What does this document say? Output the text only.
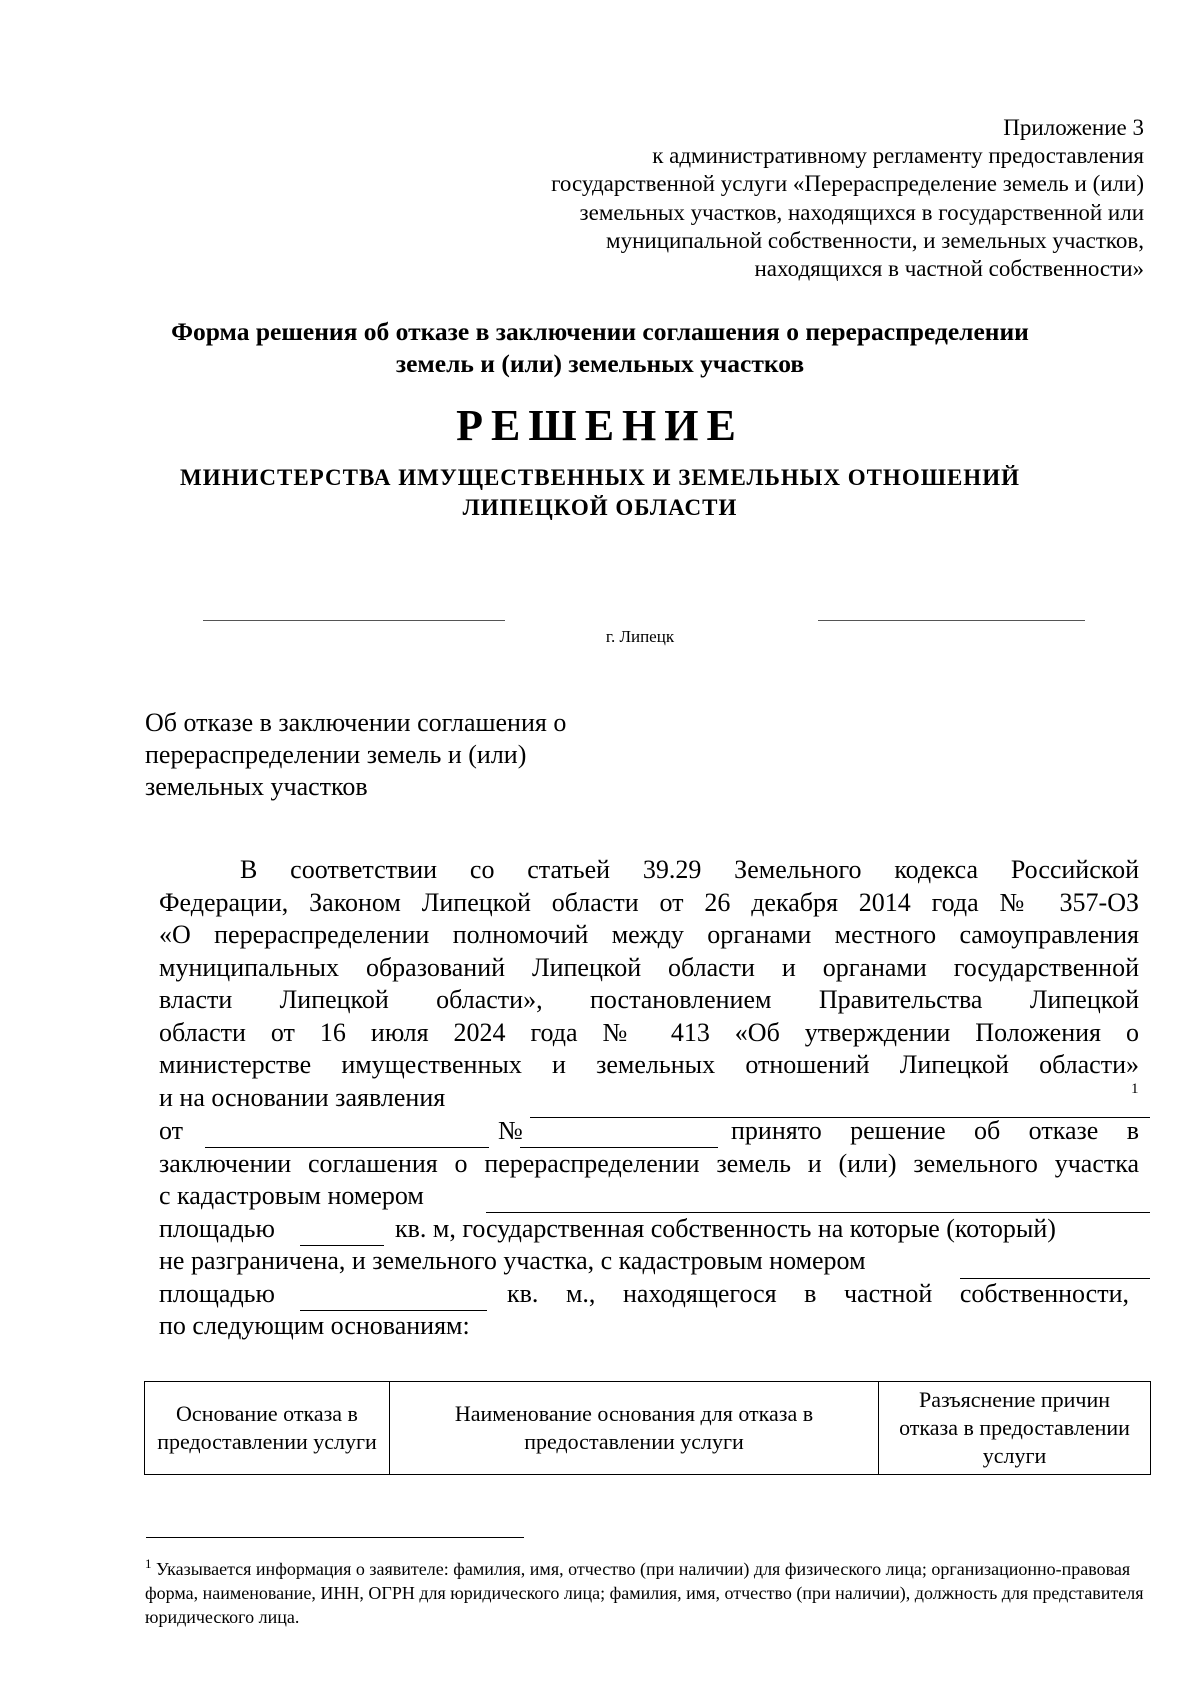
Приложение 3
к административному регламенту предоставления
государственной услуги «Перераспределение земель и (или)
земельных участков, находящихся в государственной или
муниципальной собственности, и земельных участков,
находящихся в частной собственности»
Форма решения об отказе в заключении соглашения о перераспределении
земель и (или) земельных участков
РЕШЕНИЕ
МИНИСТЕРСТВА ИМУЩЕСТВЕННЫХ И ЗЕМЕЛЬНЫХ ОТНОШЕНИЙ
ЛИПЕЦКОЙ ОБЛАСТИ
г. Липецк
Об отказе в заключении соглашения о
перераспределении земель и (или)
земельных участков
В соответствии со статьей 39.29 Земельного кодекса Российской
Федерации, Законом Липецкой области от 26 декабря 2014 года № 357-ОЗ
«О перераспределении полномочий между органами местного самоуправления
муниципальных образований Липецкой области и органами государственной
власти Липецкой области», постановлением Правительства Липецкой
области от 16 июля 2024 года № 413 «Об утверждении Положения о
министерстве имущественных и земельных отношений Липецкой области»
и на основании заявления	1
от	№	принято решение об отказе в
заключении соглашения о перераспределении земель и (или) земельного участка
с кадастровым номером
площадью	кв. м, государственная собственность на которые (который)
не разграничена, и земельного участка, с кадастровым номером
площадью	кв. м., находящегося в частной собственности,
по следующим основаниям:
Основание отказа в предоставлении услуги	Наименование основания для отказа в предоставлении услуги	Разъяснение причин отказа в предоставлении услуги
$^1$ Указывается информация о заявителе: фамилия, имя, отчество (при наличии) для физического лица; организационно-правовая форма, наименование, ИНН, ОГРН для юридического лица; фамилия, имя, отчество (при наличии), должность для представителя юридического лица.
